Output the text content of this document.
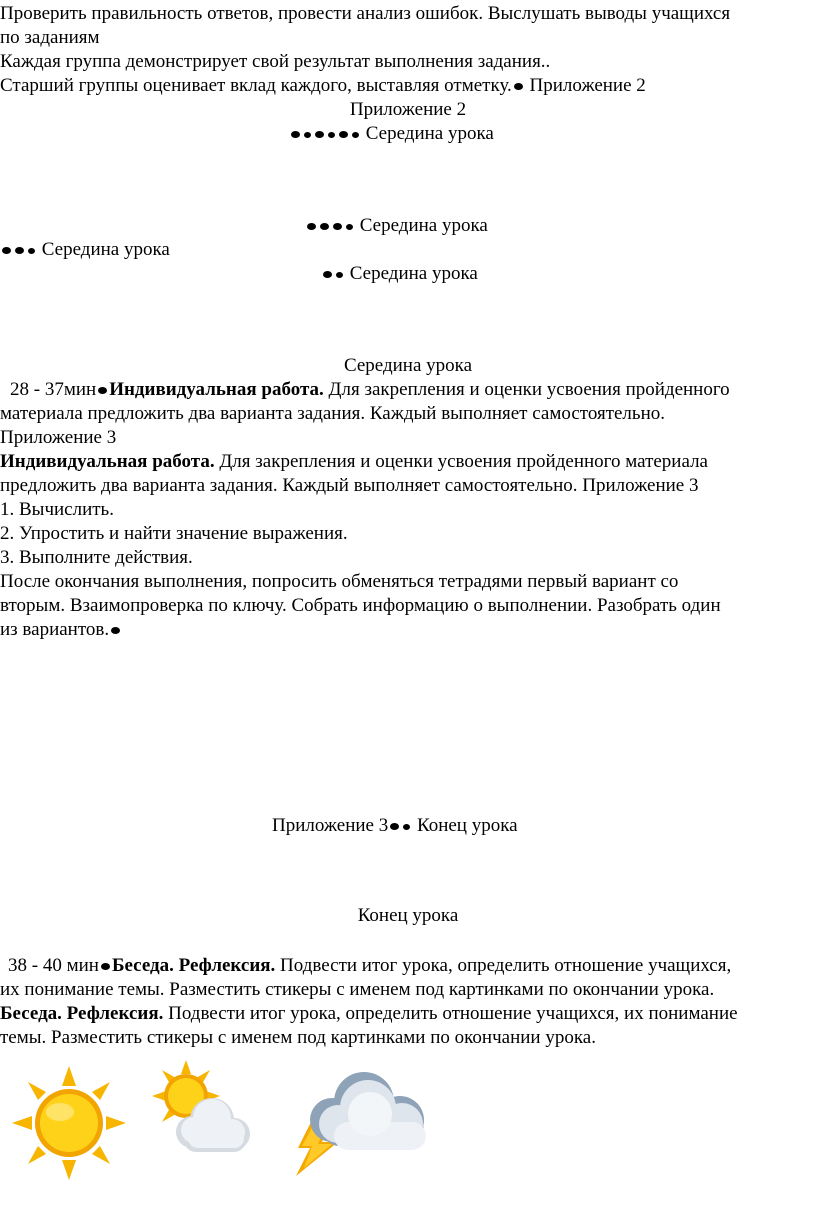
Проверить правильность ответов, провести анализ ошибок. Выслушать выводы учащихся
по заданиям
Каждая группа демонстрирует свой результат выполнения задания..
Старший группы оценивает вклад каждого, выставляя отметку. Приложение 2
Приложение 2
Середина урока
Середина урока
Середина урока
Середина урока
Середина урока
28 - 37мин Индивидуальная работа. Для закрепления и оценки усвоения пройденного
материала предложить два варианта задания. Каждый выполняет самостоятельно.
Приложение 3
Индивидуальная работа. Для закрепления и оценки усвоения пройденного материала
предложить два варианта задания. Каждый выполняет самостоятельно. Приложение 3
1. Вычислить.
2. Упростить и найти значение выражения.
3. Выполните действия.
После окончания выполнения, попросить обменяться тетрадями первый вариант со
вторым. Взаимопроверка по ключу. Собрать информацию о выполнении. Разобрать один
из вариантов.
Приложение 3 Конец урока
Конец урока
38 - 40 мин Беседа. Рефлексия. Подвести итог урока, определить отношение учащихся,
их понимание темы. Разместить стикеры с именем под картинками по окончании урока.
Беседа. Рефлексия. Подвести итог урока, определить отношение учащихся, их понимание
темы. Разместить стикеры с именем под картинками по окончании урока.
